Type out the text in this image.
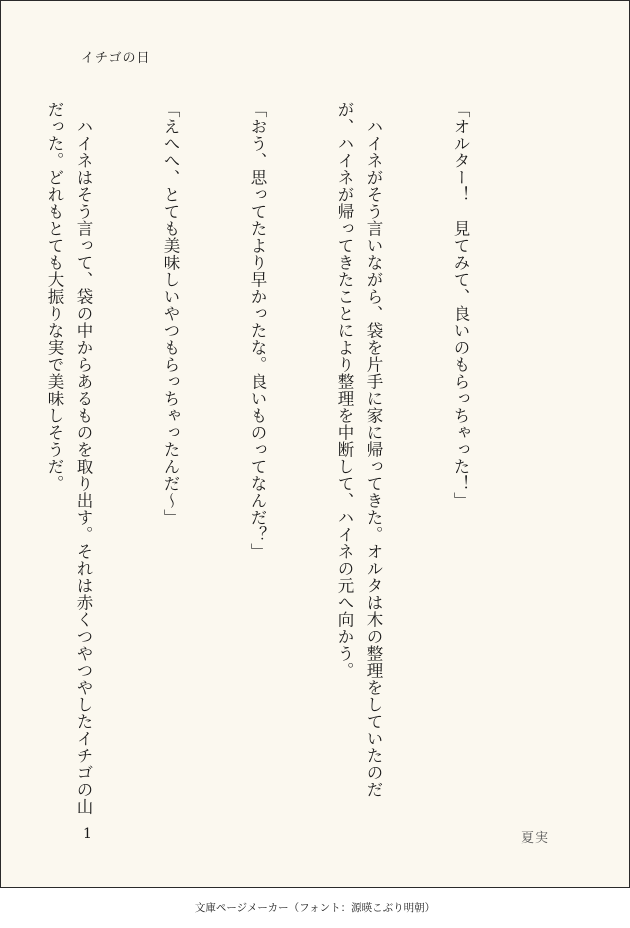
イチゴの日

「オルター！　見てみて、良いのもらっちゃった！」

　ハイネがそう言いながら、袋を片手に家に帰ってきた。オルタは木の整理をしていたのだが、ハイネが帰ってきたことにより整理を中断して、ハイネの元へ向かう。

「おう、思ってたより早かったな。良いものってなんだ？」

「えへへ、とても美味しいやつもらっちゃったんだ～」

　ハイネはそう言って、袋の中からあるものを取り出す。それは赤くつやつやしたイチゴの山だった。どれもとても大振りな実で美味しそうだ。

1	夏実
文庫ページメーカー（フォント：源暎こぶり明朝）
